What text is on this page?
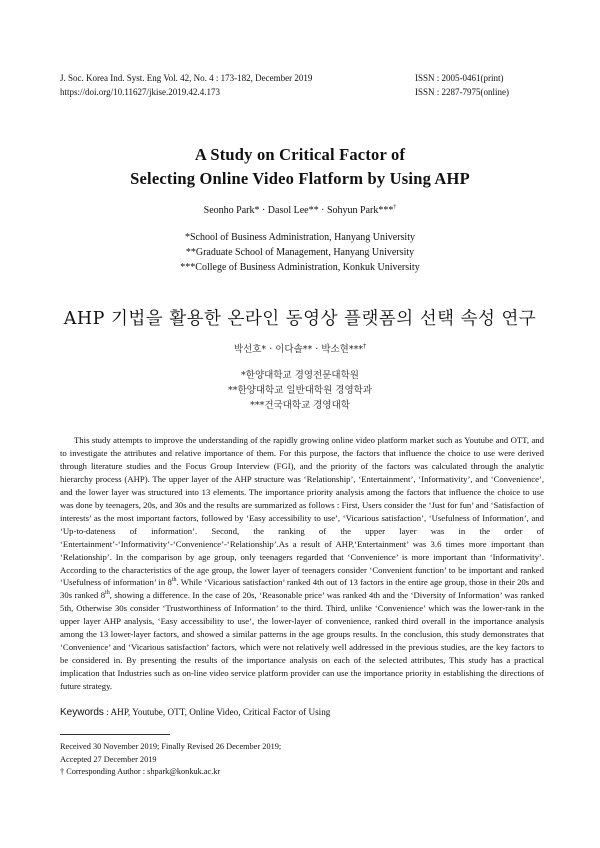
J. Soc. Korea Ind. Syst. Eng Vol. 42, No. 4 : 173-182, December 2019
https://doi.org/10.11627/jkise.2019.42.4.173
ISSN : 2005-0461(print)
ISSN : 2287-7975(online)
A Study on Critical Factor of
Selecting Online Video Flatform by Using AHP
Seonho Park* · Dasol Lee** · Sohyun Park***†
*School of Business Administration, Hanyang University
**Graduate School of Management, Hanyang University
***College of Business Administration, Konkuk University
AHP 기법을 활용한 온라인 동영상 플랫폼의 선택 속성 연구
박선호* · 이다솔** · 박소현***†
*한양대학교 경영전문대학원
**한양대학교 일반대학원 경영학과
***건국대학교 경영대학

This study attempts to improve the understanding of the rapidly growing online video platform market such as Youtube and OTT, and to investigate the attributes and relative importance of them. For this purpose, the factors that influence the choice to use were derived through literature studies and the Focus Group Interview (FGI), and the priority of the factors was calculated through the analytic hierarchy process (AHP). The upper layer of the AHP structure was ‘Relationship’, ‘Entertainment’, ‘Informativity’, and ‘Convenience’, and the lower layer was structured into 13 elements. The importance priority analysis among the factors that influence the choice to use was done by teenagers, 20s, and 30s and the results are summarized as follows : First, Users consider the ‘Just for fun’ and ‘Satisfaction of interests’ as the most important factors, followed by ‘Easy accessibility to use’, ‘Vicarious satisfaction’, ‘Usefulness of Information’, and ‘Up-to-dateness of information’. Second, the ranking of the upper layer was in the order of ‘Entertainment’-‘Informativity’-‘Convenience’-‘Relationship’.As a result of AHP,‘Entertainment’ was 3.6 times more important than ‘Relationship’. In the comparison by age group, only teenagers regarded that ‘Convenience’ is more important than ‘Informativity’. According to the characteristics of the age group, the lower layer of teenagers consider ‘Convenient function’ to be important and ranked ‘Usefulness of information’ in 8th. While ‘Vicarious satisfaction’ ranked 4th out of 13 factors in the entire age group, those in their 20s and 30s ranked 8th, showing a difference. In the case of 20s, ‘Reasonable price’ was ranked 4th and the ‘Diversity of Information’ was ranked 5th, Otherwise 30s consider ‘Trustworthiness of Information’ to the third. Third, unlike ‘Convenience’ which was the lower-rank in the upper layer AHP analysis, ‘Easy accessibility to use’, the lower-layer of convenience, ranked third overall in the importance analysis among the 13 lower-layer factors, and showed a similar patterns in the age groups results. In the conclusion, this study demonstrates that ‘Convenience’ and ‘Vicarious satisfaction’ factors, which were not relatively well addressed in the previous studies, are the key factors to be considered in. By presenting the results of the importance analysis on each of the selected attributes, This study has a practical implication that Industries such as on-line video service platform provider can use the importance priority in establishing the directions of future strategy.

Keywords : AHP, Youtube, OTT, Online Video, Critical Factor of Using
Received 30 November 2019; Finally Revised 26 December 2019;
Accepted 27 December 2019
† Corresponding Author : shpark@konkuk.ac.kr
